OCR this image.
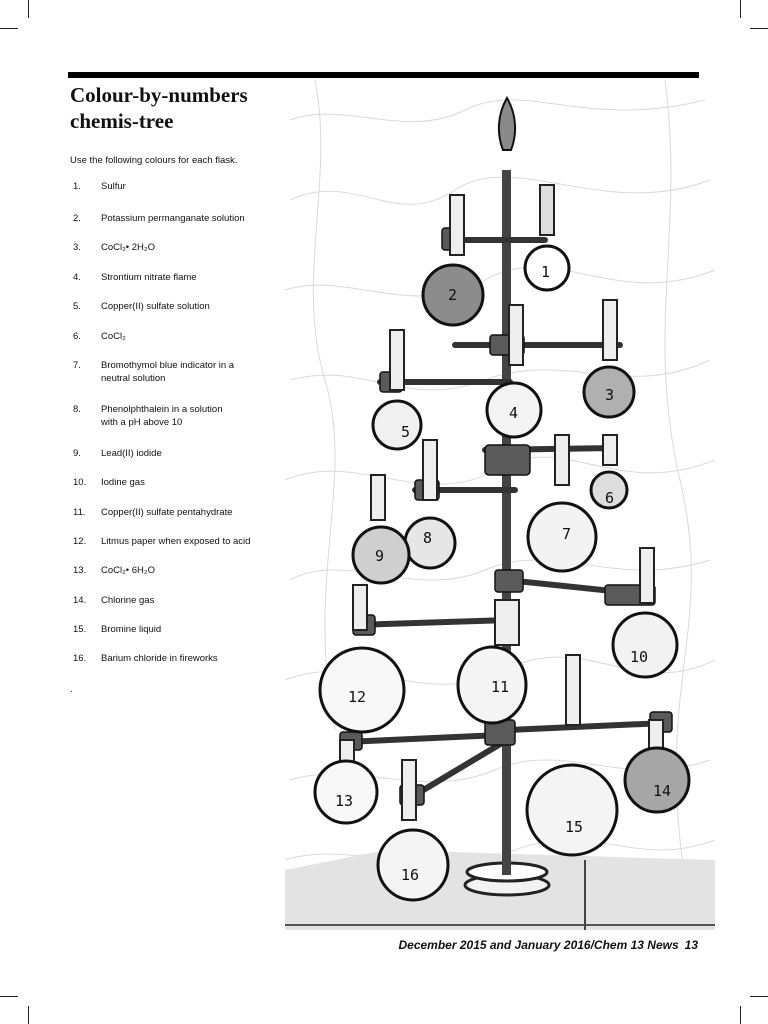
Colour-by-numbers
chemis-tree
Use the following colours for each flask.
1.	Sulfur
2.	Potassium permanganate solution
3.	CoCl₂• 2H₂O
4.	Strontium nitrate flame
5.	Copper(II) sulfate solution
6.	CoCl₂
7.	Bromothymol blue indicator in a neutral solution
8.	Phenolphthalein in a solution with a pH above 10
9.	Lead(II) iodide
10.	Iodine gas
11.	Copper(II) sulfate pentahydrate
12.	Litmus paper when exposed to acid
13.	CoCl₂• 6H₂O
14.	Chlorine gas
15.	Bromine liquid
16.	Barium chloride in fireworks
.
1
2
3
4
5
6
7
8
9
10
11
12
13
14
15
16
December 2015 and January 2016/Chem 13 News 13
